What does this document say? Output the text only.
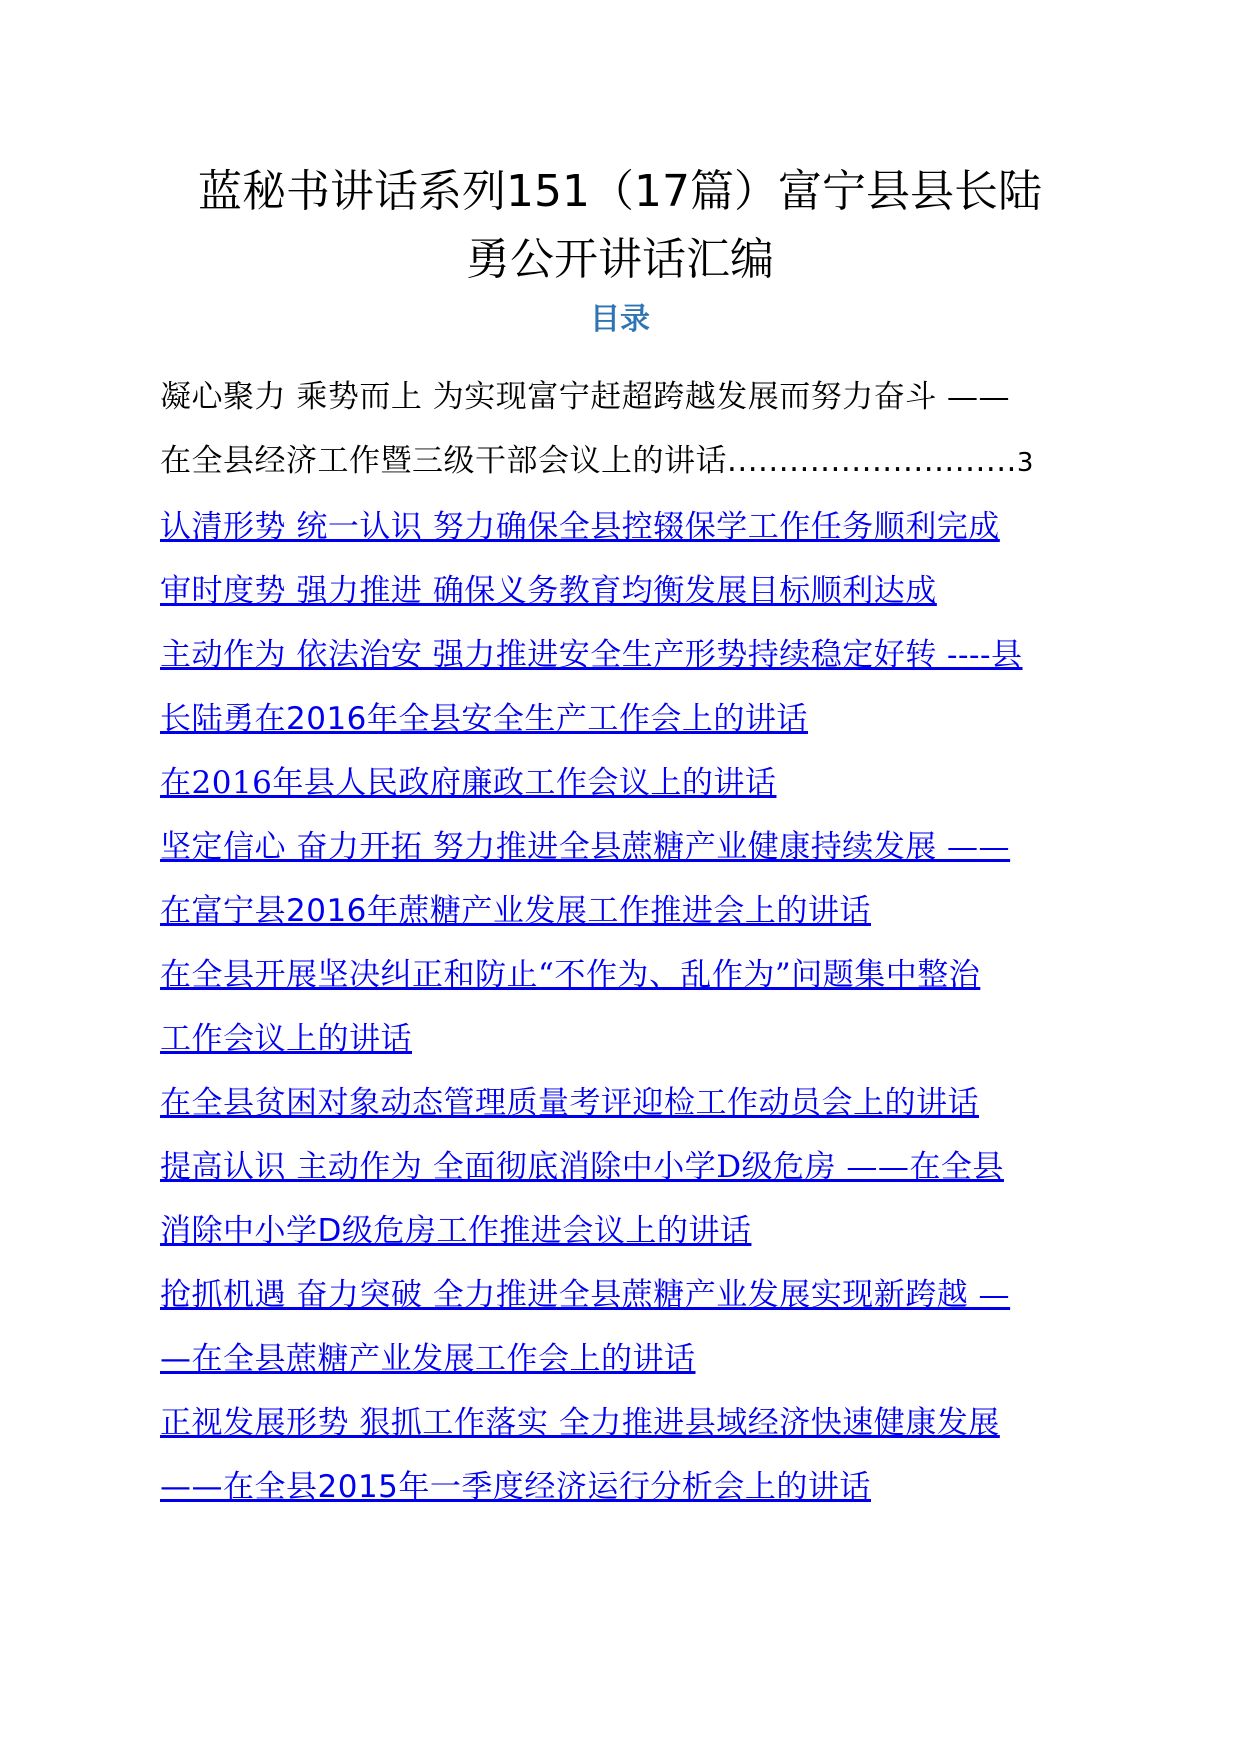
蓝秘书讲话系列151（17篇）富宁县县长陆
勇公开讲话汇编
目录
凝心聚力 乘势而上 为实现富宁赶超跨越发展而努力奋斗 ——
在全县经济工作暨三级干部会议上的讲话............................3
认清形势 统一认识 努力确保全县控辍保学工作任务顺利完成
审时度势 强力推进 确保义务教育均衡发展目标顺利达成
主动作为 依法治安 强力推进安全生产形势持续稳定好转 ----县
长陆勇在2016年全县安全生产工作会上的讲话
在2016年县人民政府廉政工作会议上的讲话
坚定信心 奋力开拓 努力推进全县蔗糖产业健康持续发展 ——
在富宁县2016年蔗糖产业发展工作推进会上的讲话
在全县开展坚决纠正和防止“不作为、乱作为”问题集中整治
工作会议上的讲话
在全县贫困对象动态管理质量考评迎检工作动员会上的讲话
提高认识 主动作为 全面彻底消除中小学D级危房 ——在全县
消除中小学D级危房工作推进会议上的讲话
抢抓机遇 奋力突破 全力推进全县蔗糖产业发展实现新跨越 —
—在全县蔗糖产业发展工作会上的讲话
正视发展形势 狠抓工作落实 全力推进县域经济快速健康发展
——在全县2015年一季度经济运行分析会上的讲话
